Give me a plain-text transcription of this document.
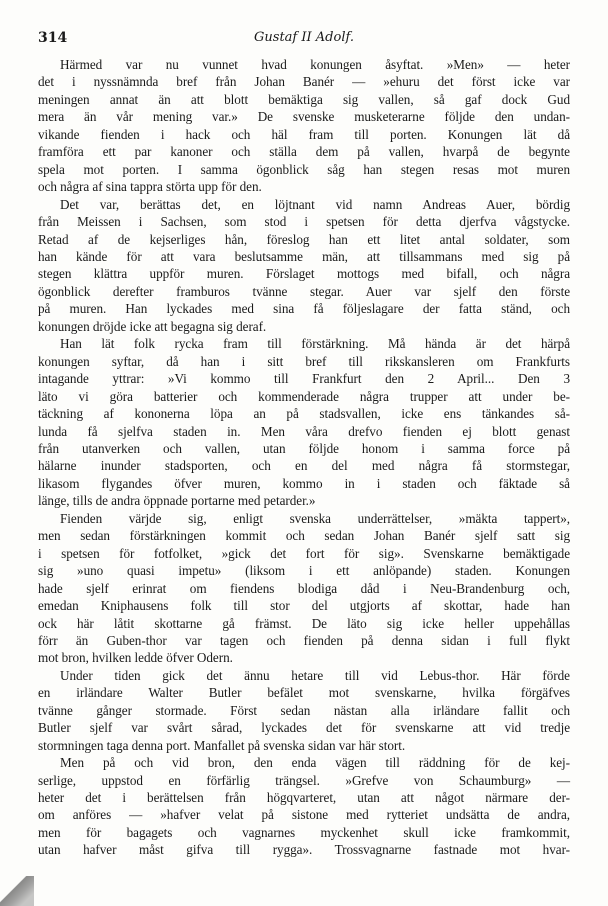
314	Gustaf II Adolf.

Härmed var nu vunnet hvad konungen åsyftat. »Men» — heter
det i nyssnämnda bref från Johan Banér — »ehuru det först icke var
meningen annat än att blott bemäktiga sig vallen, så gaf dock Gud
mera än vår mening var.» De svenske musketerarne följde den undan-
vikande fienden i hack och häl fram till porten. Konungen lät då
framföra ett par kanoner och ställa dem på vallen, hvarpå de begynte
spela mot porten. I samma ögonblick såg han stegen resas mot muren
och några af sina tappra störta upp för den.

Det var, berättas det, en löjtnant vid namn Andreas Auer, bördig
från Meissen i Sachsen, som stod i spetsen för detta djerfva vågstycke.
Retad af de kejserliges hån, föreslog han ett litet antal soldater, som
han kände för att vara beslutsamme män, att tillsammans med sig på
stegen klättra uppför muren. Förslaget mottogs med bifall, och några
ögonblick derefter framburos tvänne stegar. Auer var sjelf den förste
på muren. Han lyckades med sina få följeslagare der fatta ständ, och
konungen dröjde icke att begagna sig deraf.

Han lät folk rycka fram till förstärkning. Må hända är det härpå
konungen syftar, då han i sitt bref till rikskansleren om Frankfurts
intagande yttrar: »Vi kommo till Frankfurt den 2 April... Den 3
läto vi göra batterier och kommenderade några trupper att under be-
täckning af kononerna löpa an på stadsvallen, icke ens tänkandes så-
lunda få sjelfva staden in. Men våra drefvo fienden ej blott genast
från utanverken och vallen, utan följde honom i samma force på
hälarne inunder stadsporten, och en del med några få stormstegar,
likasom flygandes öfver muren, kommo in i staden och fäktade så
länge, tills de andra öppnade portarne med petarder.»

Fienden värjde sig, enligt svenska underrättelser, »mäkta tappert»,
men sedan förstärkningen kommit och sedan Johan Banér sjelf satt sig
i spetsen för fotfolket, »gick det fort för sig». Svenskarne bemäktigade
sig »uno quasi impetu» (liksom i ett anlöpande) staden. Konungen
hade sjelf erinrat om fiendens blodiga dåd i Neu-Brandenburg och,
emedan Kniphausens folk till stor del utgjorts af skottar, hade han
ock här låtit skottarne gå främst. De läto sig icke heller uppehållas
förr än Guben-thor var tagen och fienden på denna sidan i full flykt
mot bron, hvilken ledde öfver Odern.

Under tiden gick det ännu hetare till vid Lebus-thor. Här förde
en irländare Walter Butler befälet mot svenskarne, hvilka förgäfves
tvänne gånger stormade. Först sedan nästan alla irländare fallit och
Butler sjelf var svårt sårad, lyckades det för svenskarne att vid tredje
stormningen taga denna port. Manfallet på svenska sidan var här stort.

Men på och vid bron, den enda vägen till räddning för de kej-
serlige, uppstod en förfärlig trängsel. »Grefve von Schaumburg» —
heter det i berättelsen från högqvarteret, utan att något närmare der-
om anföres — »hafver velat på sistone med rytteriet undsätta de andra,
men för bagagets och vagnarnes myckenhet skull icke framkommit,
utan hafver måst gifva till rygga». Trossvagnarne fastnade mot hvar-
